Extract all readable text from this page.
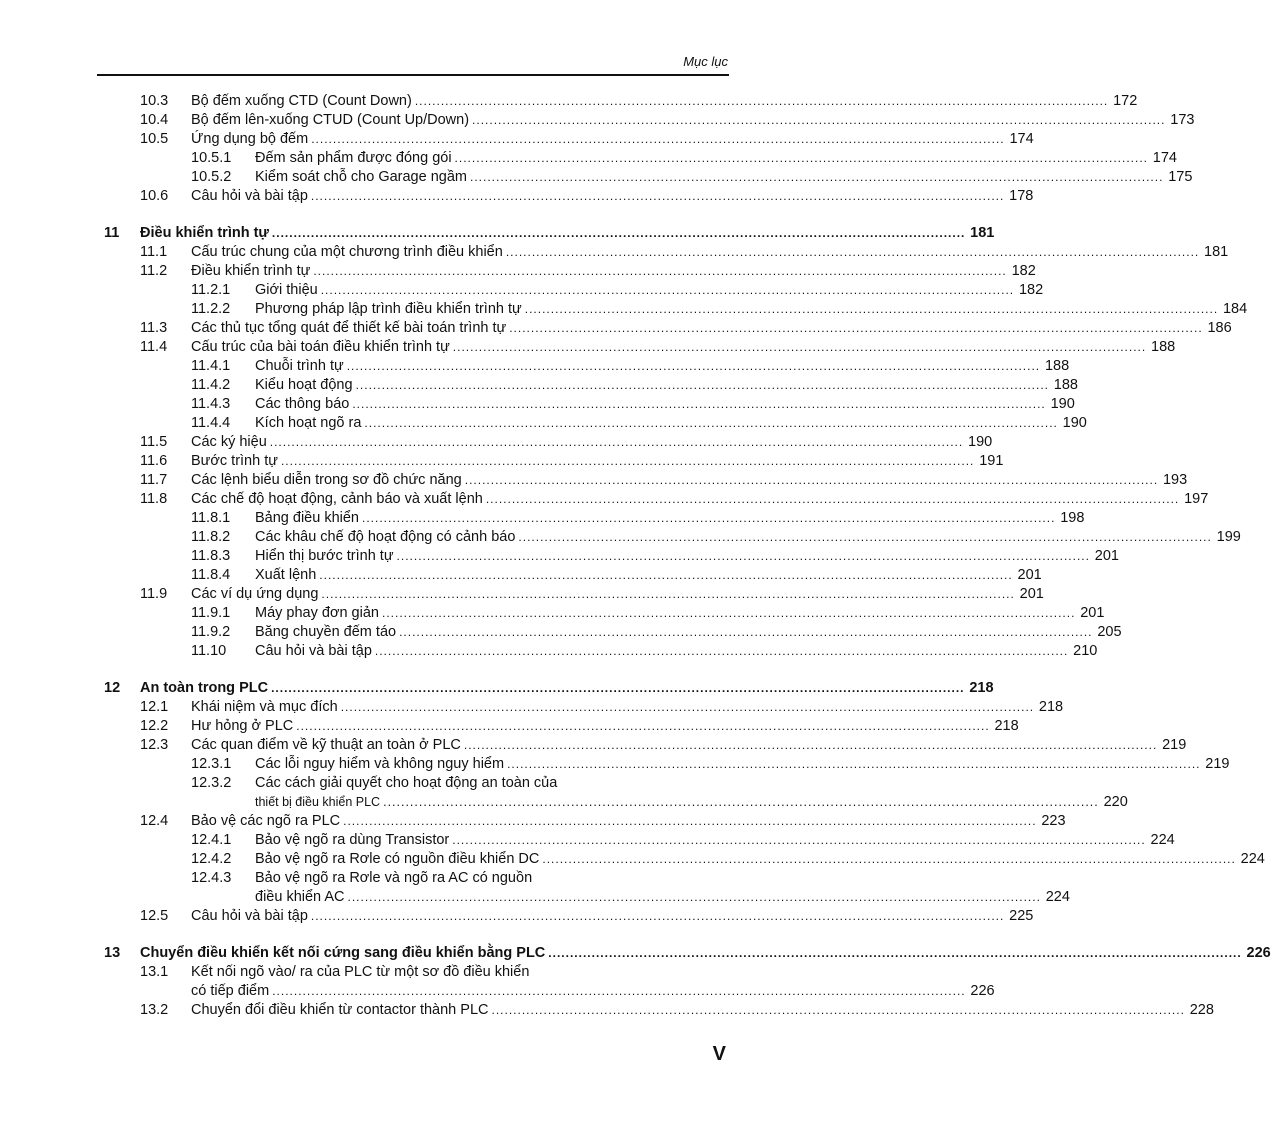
Mục lục
10.3 Bộ đếm xuống CTD (Count Down) ................................................................................................................................................................ 172
10.4 Bộ đếm lên-xuống CTUD (Count Up/Down) ................................................................................................................................................................ 173
10.5 Ứng dụng bộ đếm ................................................................................................................................................................ 174
10.5.1 Đếm sản phẩm được đóng gói ................................................................................................................................................................ 174
10.5.2 Kiểm soát chỗ cho Garage ngầm ................................................................................................................................................................ 175
10.6 Câu hỏi và bài tập ................................................................................................................................................................ 178
11 Điều khiển trình tự ................................................................................................................................................................ 181
11.1 Cấu trúc chung của một chương trình điều khiển ................................................................................................................................................................ 181
11.2 Điều khiển trình tự ................................................................................................................................................................ 182
11.2.1 Giới thiệu ................................................................................................................................................................ 182
11.2.2 Phương pháp lập trình điều khiển trình tự ................................................................................................................................................................ 184
11.3 Các thủ tục tổng quát để thiết kế bài toán trình tự ................................................................................................................................................................ 186
11.4 Cấu trúc của bài toán điều khiển trình tự ................................................................................................................................................................ 188
11.4.1 Chuỗi trình tự ................................................................................................................................................................ 188
11.4.2 Kiểu hoạt động ................................................................................................................................................................ 188
11.4.3 Các thông báo ................................................................................................................................................................ 190
11.4.4 Kích hoạt ngõ ra ................................................................................................................................................................ 190
11.5 Các ký hiệu ................................................................................................................................................................ 190
11.6 Bước trình tự ................................................................................................................................................................ 191
11.7 Các lệnh biểu diễn trong sơ đồ chức năng ................................................................................................................................................................ 193
11.8 Các chế độ hoạt động, cảnh báo và xuất lệnh ................................................................................................................................................................ 197
11.8.1 Bảng điều khiển ................................................................................................................................................................ 198
11.8.2 Các khâu chế độ hoạt động có cảnh báo ................................................................................................................................................................ 199
11.8.3 Hiển thị bước trình tự ................................................................................................................................................................ 201
11.8.4 Xuất lệnh ................................................................................................................................................................ 201
11.9 Các ví dụ ứng dụng ................................................................................................................................................................ 201
11.9.1 Máy phay đơn giản ................................................................................................................................................................ 201
11.9.2 Băng chuyền đếm táo ................................................................................................................................................................ 205
11.10 Câu hỏi và bài tập ................................................................................................................................................................ 210
12 An toàn trong PLC ................................................................................................................................................................ 218
12.1 Khái niệm và mục đích ................................................................................................................................................................ 218
12.2 Hư hỏng ở PLC ................................................................................................................................................................ 218
12.3 Các quan điểm về kỹ thuật an toàn ở PLC ................................................................................................................................................................ 219
12.3.1 Các lỗi nguy hiểm và không nguy hiểm ................................................................................................................................................................ 219
12.3.2 Các cách giải quyết cho hoạt động an toàn của
thiết bị điều khiển PLC ................................................................................................................................................................ 220
12.4 Bảo vệ các ngõ ra PLC ................................................................................................................................................................ 223
12.4.1 Bảo vệ ngõ ra dùng Transistor ................................................................................................................................................................ 224
12.4.2 Bảo vệ ngõ ra Rơle có nguồn điều khiển DC ................................................................................................................................................................ 224
12.4.3 Bảo vệ ngõ ra Rơle và ngõ ra AC có nguồn
điều khiển AC ................................................................................................................................................................ 224
12.5 Câu hỏi và bài tập ................................................................................................................................................................ 225
13 Chuyển điều khiển kết nối cứng sang điều khiển bằng PLC ................................................................................................................................................................ 226
13.1 Kết nối ngõ vào/ ra của PLC từ một sơ đồ điều khiển
có tiếp điểm ................................................................................................................................................................ 226
13.2 Chuyển đổi điều khiển từ contactor thành PLC ................................................................................................................................................................ 228
V
